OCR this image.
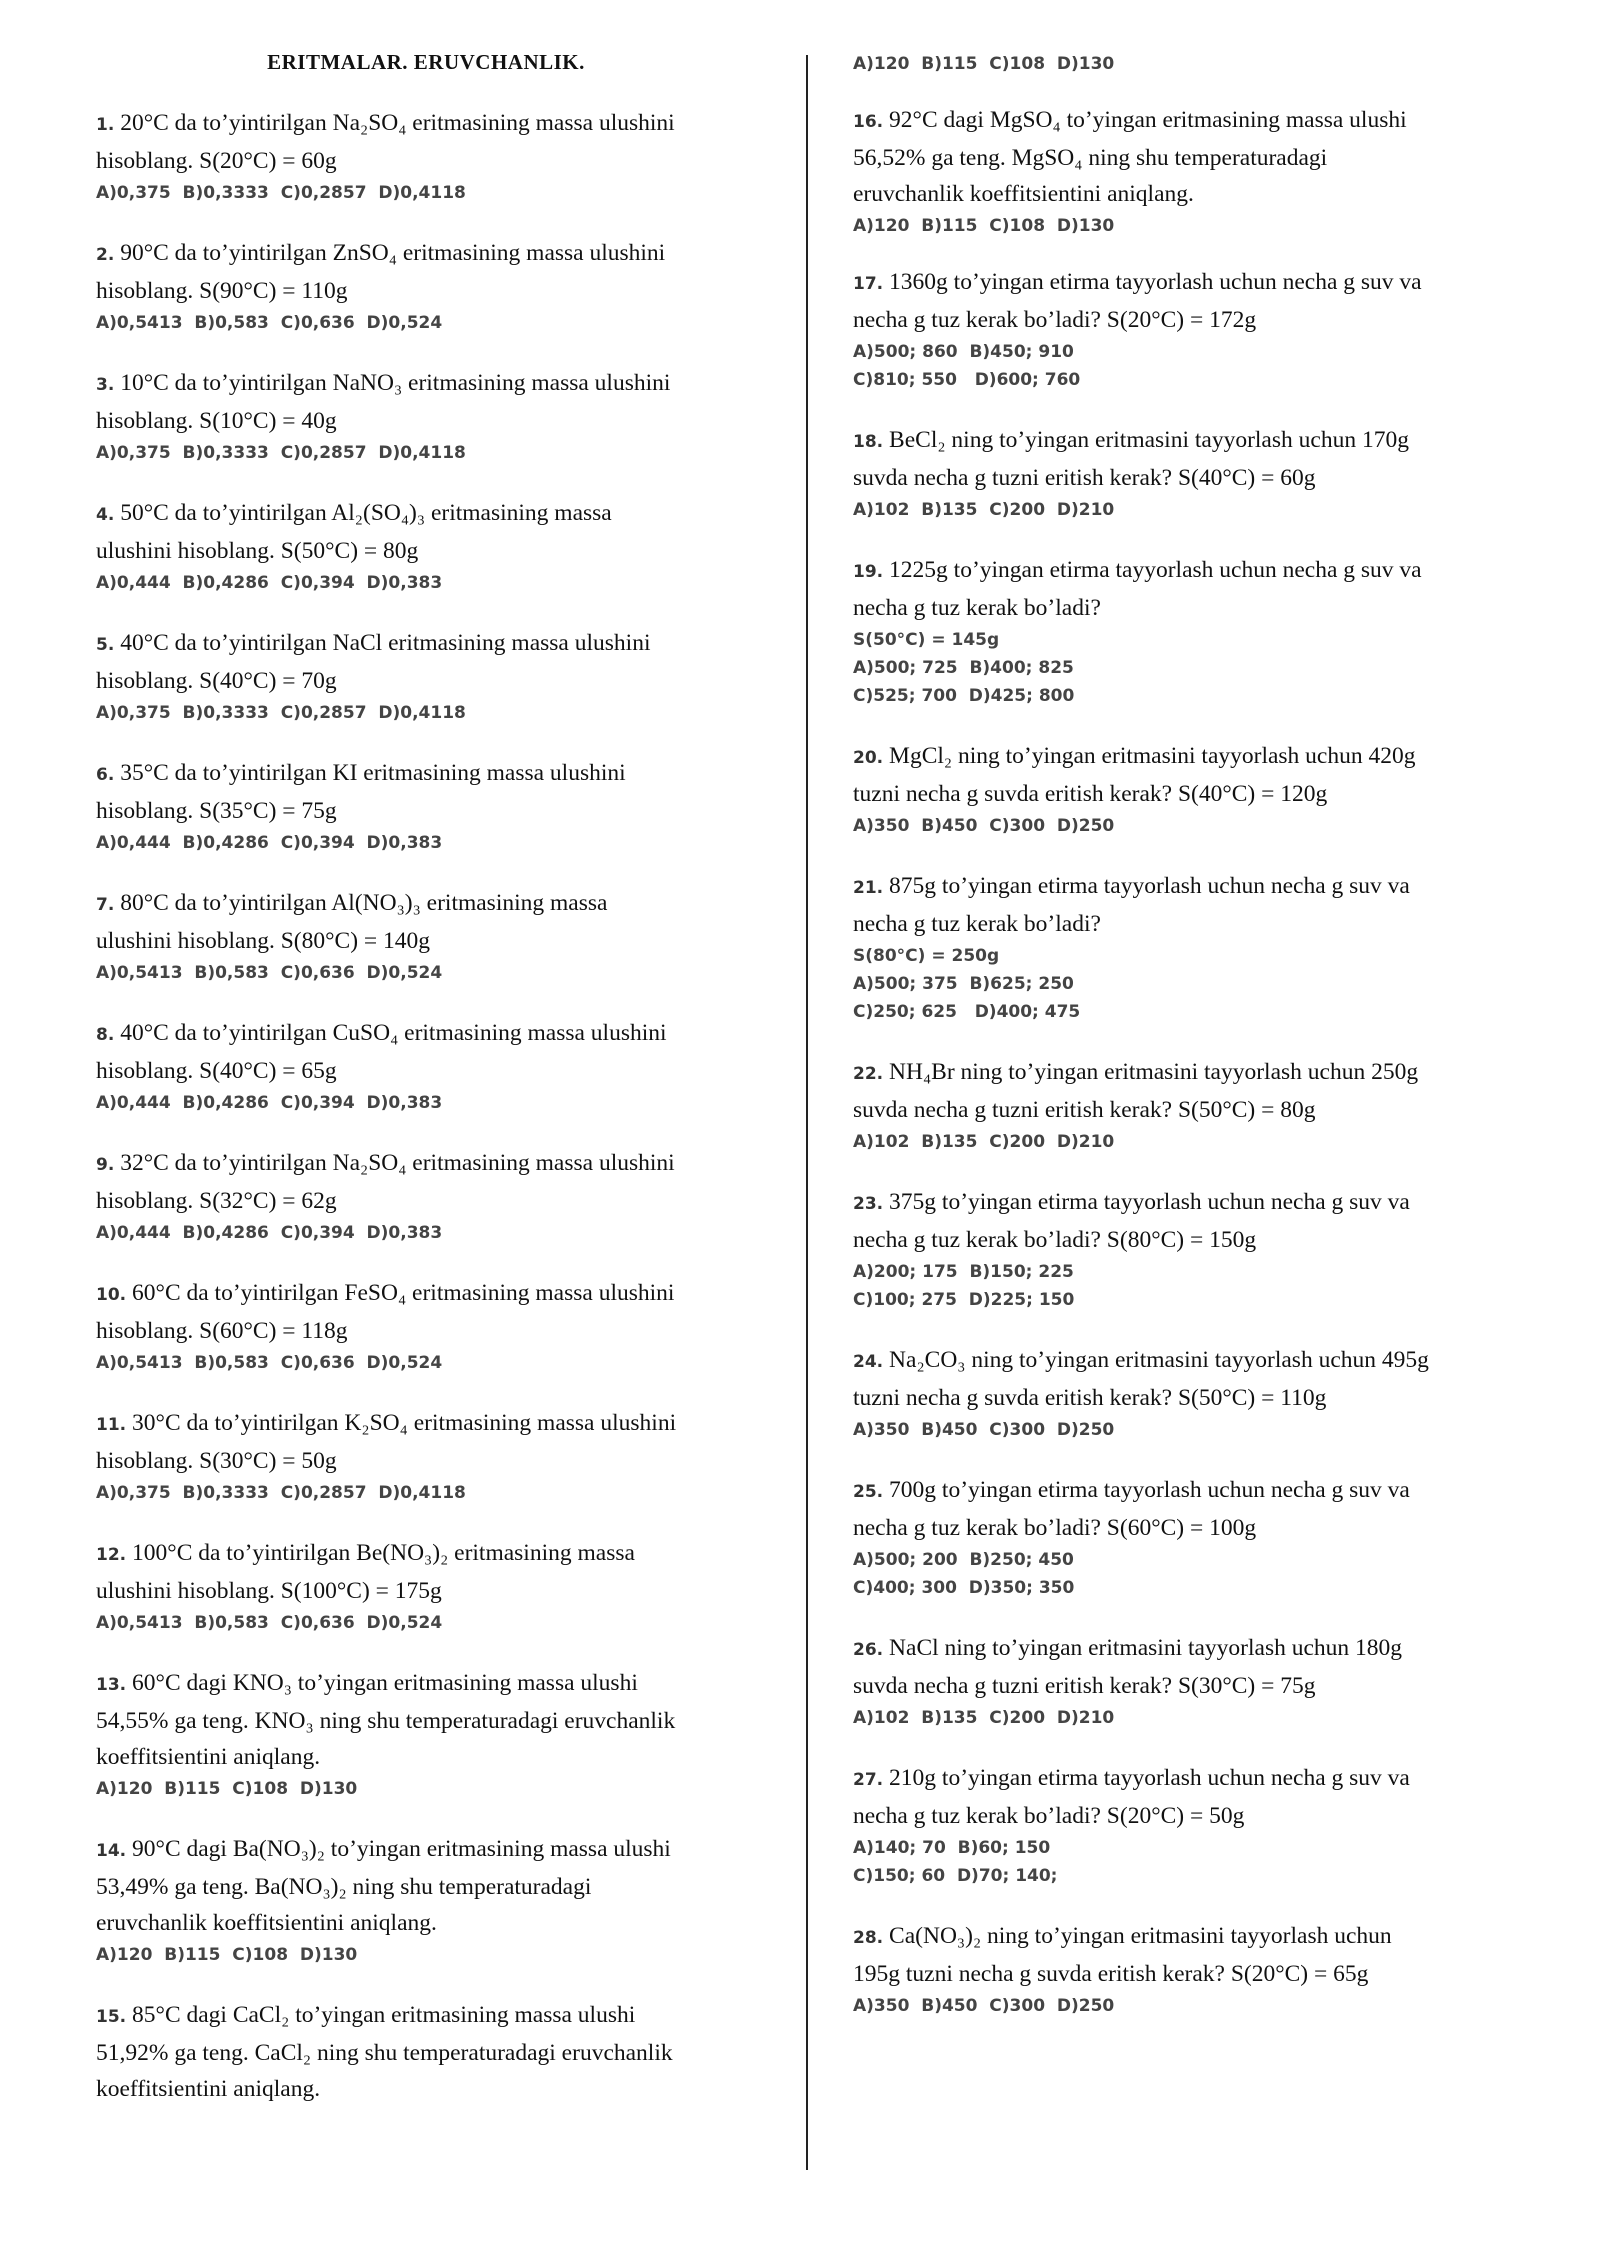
ERITMALAR. ERUVCHANLIK.

1. 20°C da to’yintirilgan Na₂SO₄ eritmasining massa ulushini

hisoblang. S(20°C) = 60g

A)0,375  B)0,3333  C)0,2857  D)0,4118

2. 90°C da to’yintirilgan ZnSO₄ eritmasining massa ulushini

hisoblang. S(90°C) = 110g

A)0,5413  B)0,583  C)0,636  D)0,524

3. 10°C da to’yintirilgan NaNO₃ eritmasining massa ulushini

hisoblang. S(10°C) = 40g

A)0,375  B)0,3333  C)0,2857  D)0,4118

4. 50°C da to’yintirilgan Al₂(SO₄)₃ eritmasining massa

ulushini hisoblang. S(50°C) = 80g

A)0,444  B)0,4286  C)0,394  D)0,383

5. 40°C da to’yintirilgan NaCl eritmasining massa ulushini

hisoblang. S(40°C) = 70g

A)0,375  B)0,3333  C)0,2857  D)0,4118

6. 35°C da to’yintirilgan KI eritmasining massa ulushini

hisoblang. S(35°C) = 75g

A)0,444  B)0,4286  C)0,394  D)0,383

7. 80°C da to’yintirilgan Al(NO₃)₃ eritmasining massa

ulushini hisoblang. S(80°C) = 140g

A)0,5413  B)0,583  C)0,636  D)0,524

8. 40°C da to’yintirilgan CuSO₄ eritmasining massa ulushini

hisoblang. S(40°C) = 65g

A)0,444  B)0,4286  C)0,394  D)0,383

9. 32°C da to’yintirilgan Na₂SO₄ eritmasining massa ulushini

hisoblang. S(32°C) = 62g

A)0,444  B)0,4286  C)0,394  D)0,383

10. 60°C da to’yintirilgan FeSO₄ eritmasining massa ulushini

hisoblang. S(60°C) = 118g

A)0,5413  B)0,583  C)0,636  D)0,524

11. 30°C da to’yintirilgan K₂SO₄ eritmasining massa ulushini

hisoblang. S(30°C) = 50g

A)0,375  B)0,3333  C)0,2857  D)0,4118

12. 100°C da to’yintirilgan Be(NO₃)₂ eritmasining massa

ulushini hisoblang. S(100°C) = 175g

A)0,5413  B)0,583  C)0,636  D)0,524

13. 60°C dagi KNO₃ to’yingan eritmasining massa ulushi

54,55% ga teng. KNO₃ ning shu temperaturadagi eruvchanlik

koeffitsientini aniqlang.

A)120  B)115  C)108  D)130

14. 90°C dagi Ba(NO₃)₂ to’yingan eritmasining massa ulushi

53,49% ga teng. Ba(NO₃)₂ ning shu temperaturadagi

eruvchanlik koeffitsientini aniqlang.

A)120  B)115  C)108  D)130

15. 85°C dagi CaCl₂ to’yingan eritmasining massa ulushi

51,92% ga teng. CaCl₂ ning shu temperaturadagi eruvchanlik

koeffitsientini aniqlang.

A)120  B)115  C)108  D)130

16. 92°C dagi MgSO₄ to’yingan eritmasining massa ulushi

56,52% ga teng. MgSO₄ ning shu temperaturadagi

eruvchanlik koeffitsientini aniqlang.

A)120  B)115  C)108  D)130

17. 1360g to’yingan etirma tayyorlash uchun necha g suv va

necha g tuz kerak bo’ladi? S(20°C) = 172g

A)500; 860  B)450; 910

C)810; 550   D)600; 760

18. BeCl₂ ning to’yingan eritmasini tayyorlash uchun 170g

suvda necha g tuzni eritish kerak? S(40°C) = 60g

A)102  B)135  C)200  D)210

19. 1225g to’yingan etirma tayyorlash uchun necha g suv va

necha g tuz kerak bo’ladi?

S(50°C) = 145g

A)500; 725  B)400; 825

C)525; 700  D)425; 800

20. MgCl₂ ning to’yingan eritmasini tayyorlash uchun 420g

tuzni necha g suvda eritish kerak? S(40°C) = 120g

A)350  B)450  C)300  D)250

21. 875g to’yingan etirma tayyorlash uchun necha g suv va

necha g tuz kerak bo’ladi?

S(80°C) = 250g

A)500; 375  B)625; 250

C)250; 625   D)400; 475

22. NH₄Br ning to’yingan eritmasini tayyorlash uchun 250g

suvda necha g tuzni eritish kerak? S(50°C) = 80g

A)102  B)135  C)200  D)210

23. 375g to’yingan etirma tayyorlash uchun necha g suv va

necha g tuz kerak bo’ladi? S(80°C) = 150g

A)200; 175  B)150; 225

C)100; 275  D)225; 150

24. Na₂CO₃ ning to’yingan eritmasini tayyorlash uchun 495g

tuzni necha g suvda eritish kerak? S(50°C) = 110g

A)350  B)450  C)300  D)250

25. 700g to’yingan etirma tayyorlash uchun necha g suv va

necha g tuz kerak bo’ladi? S(60°C) = 100g

A)500; 200  B)250; 450

C)400; 300  D)350; 350

26. NaCl ning to’yingan eritmasini tayyorlash uchun 180g

suvda necha g tuzni eritish kerak? S(30°C) = 75g

A)102  B)135  C)200  D)210

27. 210g to’yingan etirma tayyorlash uchun necha g suv va

necha g tuz kerak bo’ladi? S(20°C) = 50g

A)140; 70  B)60; 150

C)150; 60  D)70; 140;

28. Ca(NO₃)₂ ning to’yingan eritmasini tayyorlash uchun

195g tuzni necha g suvda eritish kerak? S(20°C) = 65g

A)350  B)450  C)300  D)250
